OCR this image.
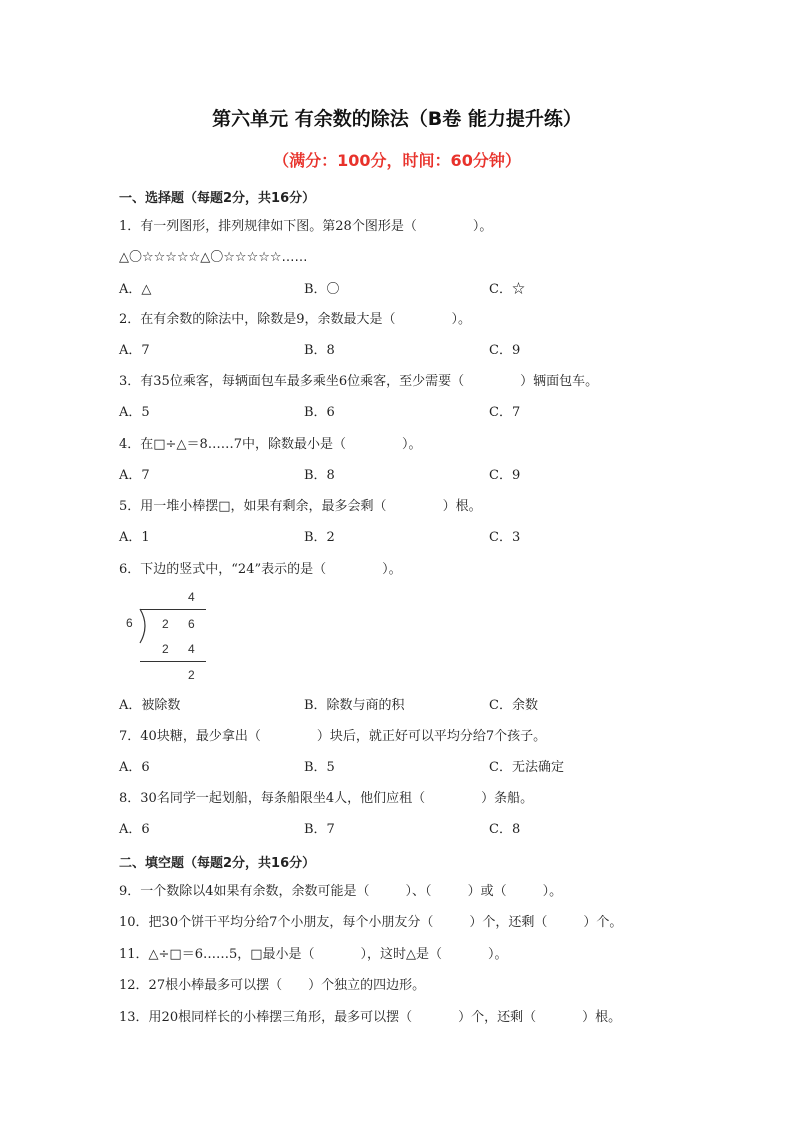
第六单元 有余数的除法（B卷 能力提升练）
（满分：100分，时间：60分钟）
一、选择题（每题2分，共16分）
1．有一列图形，排列规律如下图。第28个图形是（	）。
△〇☆☆☆☆☆△〇☆☆☆☆☆……
A．△	B．〇	C．☆
2．在有余数的除法中，除数是9，余数最大是（	）。
A．7	B．8	C．9
3．有35位乘客，每辆面包车最多乘坐6位乘客，至少需要（	）辆面包车。
A．5	B．6	C．7
4．在□÷△＝8……7中，除数最小是（	）。
A．7	B．8	C．9
5．用一堆小棒摆□，如果有剩余，最多会剩（	）根。
A．1	B．2	C．3
6．下边的竖式中，“24”表示的是（	）。
4
6 2 6
2 4
2
A．被除数	B．除数与商的积	C．余数
7．40块糖，最少拿出（	）块后，就正好可以平均分给7个孩子。
A．6	B．5	C．无法确定
8．30名同学一起划船，每条船限坐4人，他们应租（	）条船。
A．6	B．7	C．8
二、填空题（每题2分，共16分）
9．一个数除以4如果有余数，余数可能是（	）、（	）或（	）。
10．把30个饼干平均分给7个小朋友，每个小朋友分（	）个，还剩（	）个。
11．△÷□＝6……5，□最小是（	），这时△是（	）。
12．27根小棒最多可以摆（ ）个独立的四边形。
13．用20根同样长的小棒摆三角形，最多可以摆（	）个，还剩（	）根。
